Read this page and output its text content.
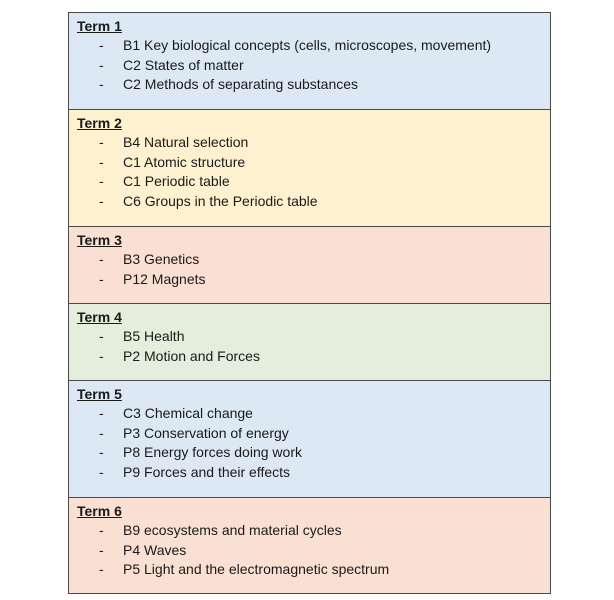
Term 1
-	B1 Key biological concepts (cells, microscopes, movement)
-	C2 States of matter
-	C2 Methods of separating substances
Term 2
-	B4 Natural selection
-	C1 Atomic structure
-	C1 Periodic table
-	C6 Groups in the Periodic table
Term 3
-	B3 Genetics
-	P12 Magnets
Term 4
-	B5 Health
-	P2 Motion and Forces
Term 5
-	C3 Chemical change
-	P3 Conservation of energy
-	P8 Energy forces doing work
-	P9 Forces and their effects
Term 6
-	B9 ecosystems and material cycles
-	P4 Waves
-	P5 Light and the electromagnetic spectrum
